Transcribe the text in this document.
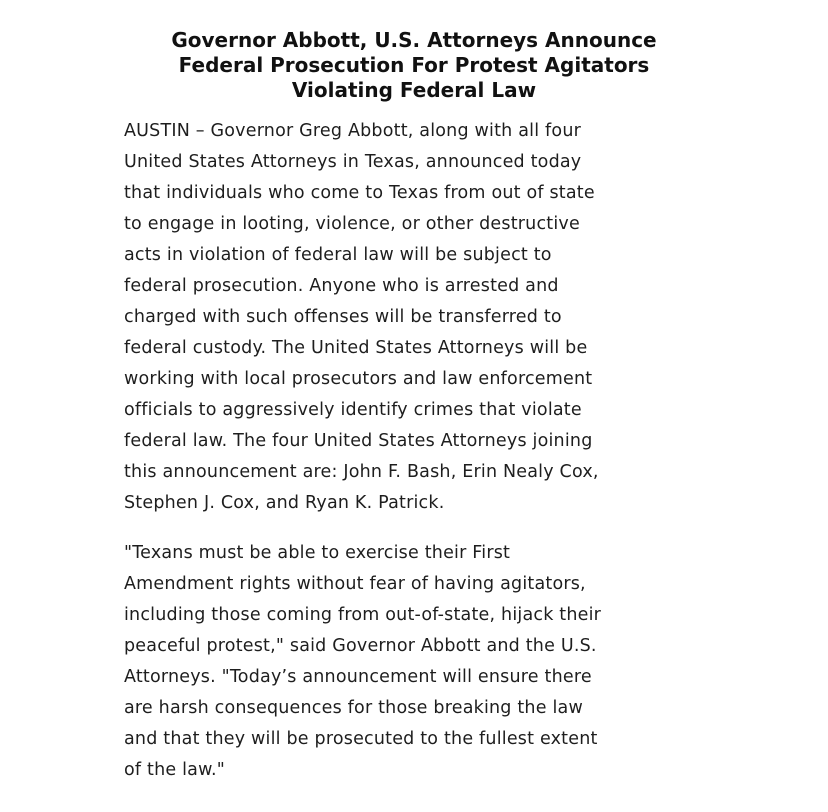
Governor Abbott, U.S. Attorneys Announce
Federal Prosecution For Protest Agitators
Violating Federal Law
AUSTIN – Governor Greg Abbott, along with all four
United States Attorneys in Texas, announced today
that individuals who come to Texas from out of state
to engage in looting, violence, or other destructive
acts in violation of federal law will be subject to
federal prosecution. Anyone who is arrested and
charged with such offenses will be transferred to
federal custody. The United States Attorneys will be
working with local prosecutors and law enforcement
officials to aggressively identify crimes that violate
federal law. The four United States Attorneys joining
this announcement are: John F. Bash, Erin Nealy Cox,
Stephen J. Cox, and Ryan K. Patrick.
"Texans must be able to exercise their First
Amendment rights without fear of having agitators,
including those coming from out-of-state, hijack their
peaceful protest," said Governor Abbott and the U.S.
Attorneys. "Today’s announcement will ensure there
are harsh consequences for those breaking the law
and that they will be prosecuted to the fullest extent
of the law."
